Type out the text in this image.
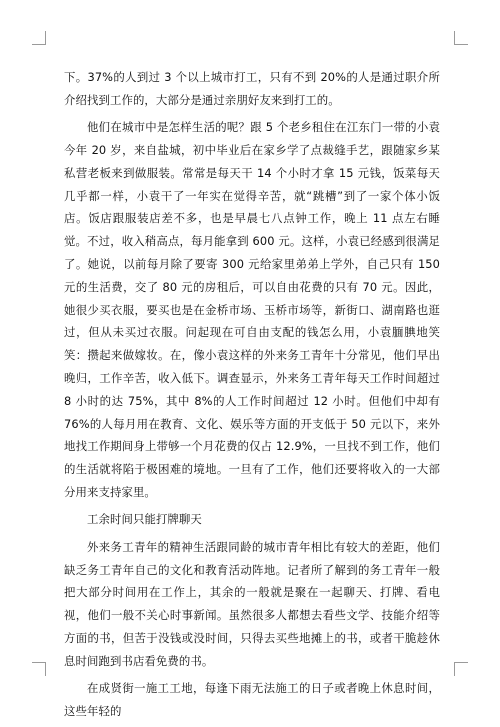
下。37%的人到过 3 个以上城市打工，只有不到 20%的人是通过职介所介绍找到工作的，大部分是通过亲朋好友来到打工的。

他们在城市中是怎样生活的呢？跟 5 个老乡租住在江东门一带的小袁今年 20 岁，来自盐城，初中毕业后在家乡学了点裁缝手艺，跟随家乡某私营老板来到做服装。常常是每天干 14 个小时才拿 15 元钱，饭菜每天几乎都一样，小袁干了一年实在觉得辛苦，就“跳槽”到了一家个体小饭店。饭店跟服装店差不多，也是早晨七八点钟工作，晚上 11 点左右睡觉。不过，收入稍高点，每月能拿到 600 元。这样，小袁已经感到很满足了。她说，以前每月除了要寄 300 元给家里弟弟上学外，自己只有 150 元的生活费，交了 80 元的房租后，可以自由花费的只有 70 元。因此，她很少买衣服，要买也是在金桥市场、玉桥市场等，新街口、湖南路也逛过，但从未买过衣服。问起现在可自由支配的钱怎么用，小袁腼腆地笑笑：攒起来做嫁妆。在，像小袁这样的外来务工青年十分常见，他们早出晚归，工作辛苦，收入低下。调查显示，外来务工青年每天工作时间超过 8 小时的达 75%，其中 8%的人工作时间超过 12 小时。但他们中却有 76%的人每月用在教育、文化、娱乐等方面的开支低于 50 元以下，来外地找工作期间身上带够一个月花费的仅占 12.9%，一旦找不到工作，他们的生活就将陷于极困难的境地。一旦有了工作，他们还要将收入的一大部分用来支持家里。

工余时间只能打牌聊天

外来务工青年的精神生活跟同龄的城市青年相比有较大的差距，他们缺乏务工青年自己的文化和教育活动阵地。记者所了解到的务工青年一般把大部分时间用在工作上，其余的一般就是聚在一起聊天、打牌、看电视，他们一般不关心时事新闻。虽然很多人都想去看些文学、技能介绍等方面的书，但苦于没钱或没时间，只得去买些地摊上的书，或者干脆趁休息时间跑到书店看免费的书。

在成贤街一施工工地，每逢下雨无法施工的日子或者晚上休息时间，这些年轻的
